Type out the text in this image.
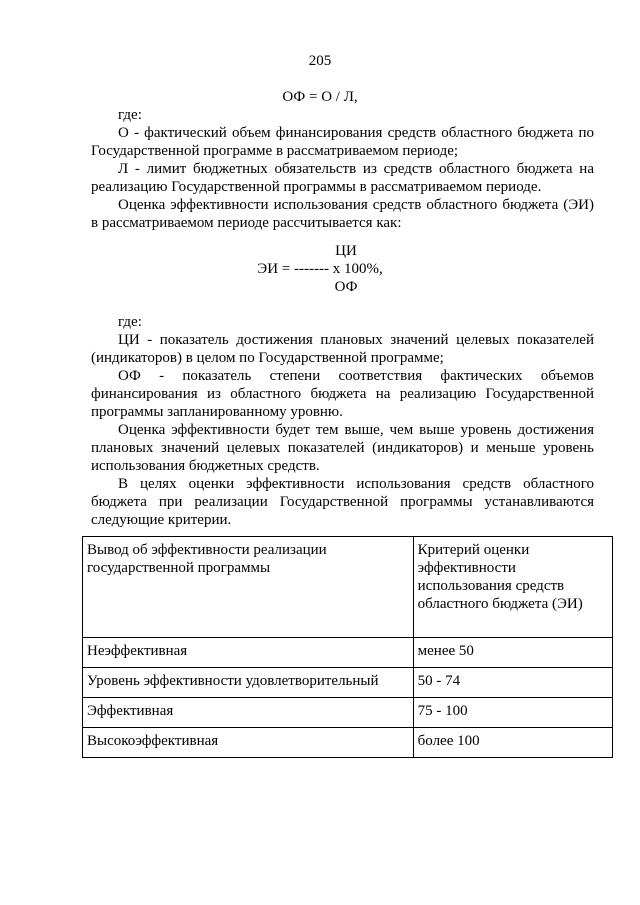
205
ОФ = О / Л,

где:

О - фактический объем финансирования средств областного бюджета по Государственной программе в рассматриваемом периоде;

Л - лимит бюджетных обязательств из средств областного бюджета на реализацию Государственной программы в рассматриваемом периоде.

Оценка эффективности использования средств областного бюджета (ЭИ) в рассматриваемом периоде рассчитывается как:

ЦИ
ЭИ = ------- х 100%,
ОФ

где:

ЦИ - показатель достижения плановых значений целевых показателей (индикаторов) в целом по Государственной программе;

ОФ - показатель степени соответствия фактических объемов финансирования из областного бюджета на реализацию Государственной программы запланированному уровню.

Оценка эффективности будет тем выше, чем выше уровень достижения плановых значений целевых показателей (индикаторов) и меньше уровень использования бюджетных средств.

В целях оценки эффективности использования средств областного бюджета при реализации Государственной программы устанавливаются следующие критерии.

Вывод об эффективности реализации государственной программы	Критерий оценки эффективности использования средств областного бюджета (ЭИ)
Неэффективная	менее 50
Уровень эффективности удовлетворительный	50 - 74
Эффективная	75 - 100
Высокоэффективная	более 100
